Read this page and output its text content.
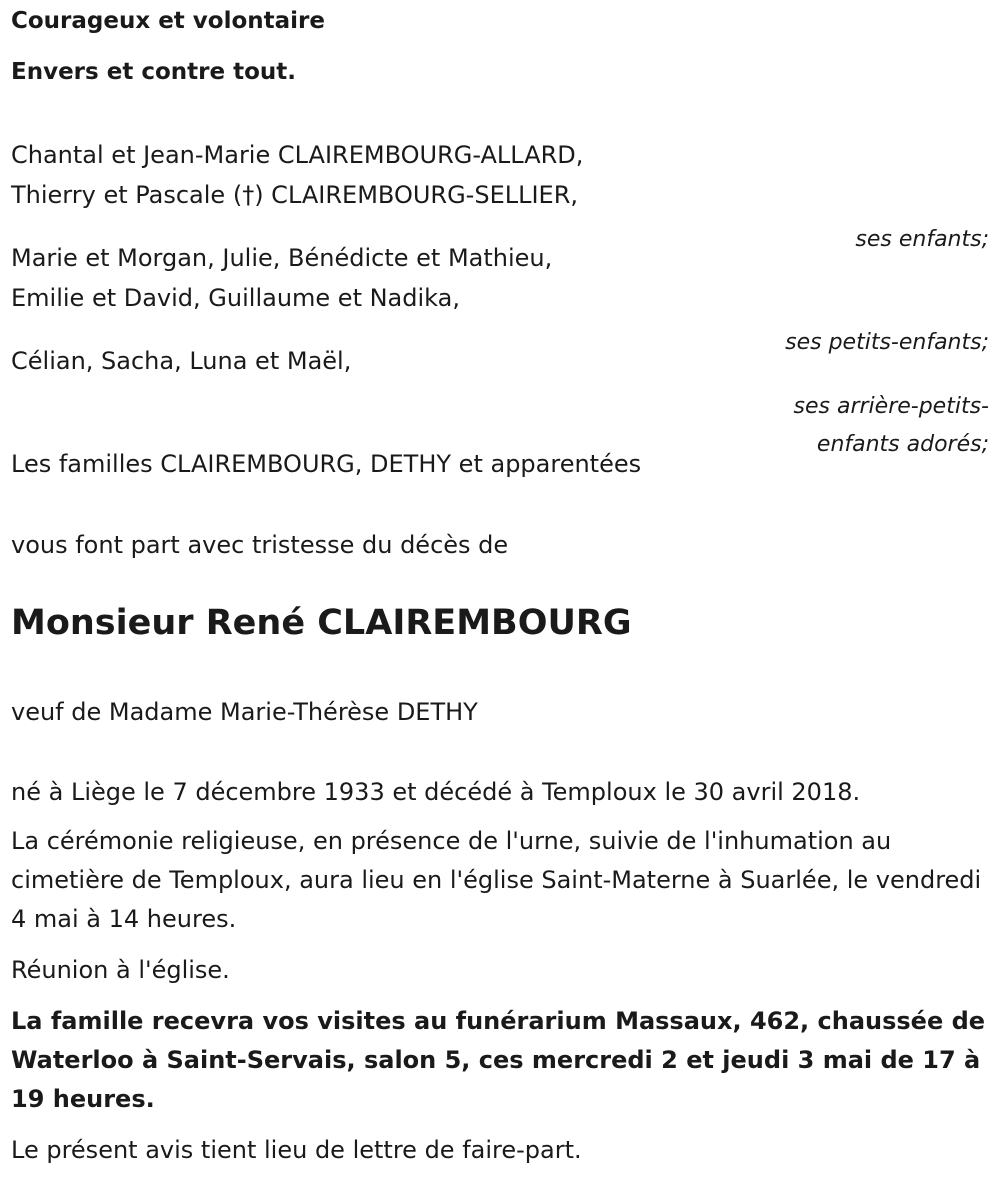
Courageux et volontaire

Envers et contre tout.

Chantal et Jean-Marie CLAIREMBOURG-ALLARD,

Thierry et Pascale (†) CLAIREMBOURG-SELLIER,

ses enfants;

Marie et Morgan, Julie, Bénédicte et Mathieu,

Emilie et David, Guillaume et Nadika,

ses petits-enfants;

Célian, Sacha, Luna et Maël,

ses arrière-petits-

enfants adorés;

Les familles CLAIREMBOURG, DETHY et apparentées

vous font part avec tristesse du décès de

Monsieur René CLAIREMBOURG

veuf de Madame Marie-Thérèse DETHY

né à Liège le 7 décembre 1933 et décédé à Temploux le 30 avril 2018.

La cérémonie religieuse, en présence de l'urne, suivie de l'inhumation au cimetière de Temploux, aura lieu en l'église Saint-Materne à Suarlée, le vendredi 4 mai à 14 heures.

Réunion à l'église.

La famille recevra vos visites au funérarium Massaux, 462, chaussée de Waterloo à Saint-Servais, salon 5, ces mercredi 2 et jeudi 3 mai de 17 à 19 heures.

Le présent avis tient lieu de lettre de faire-part.
